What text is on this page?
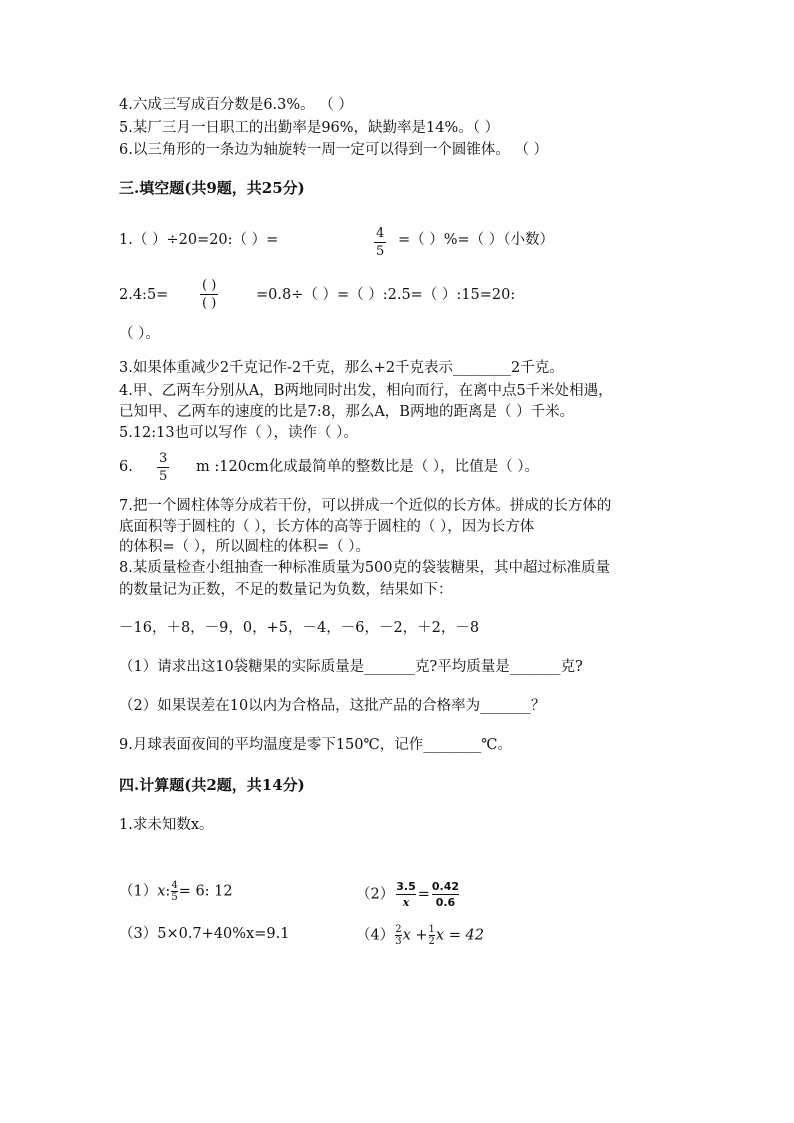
4.六成三写成百分数是6.3%。 （ ）
5.某厂三月一日职工的出勤率是96%，缺勤率是14%。（ ）
6.以三角形的一条边为轴旋转一周一定可以得到一个圆锥体。 （ ）
三.填空题(共9题，共25分)
1.（ ）÷20=20:（ ）=	4
5
=（ ）%=（ ）（小数）
2.4:5=
( )
( )
=0.8÷（ ）=（ ）:2.5=（ ）:15=20:
（ ）。
3.如果体重减少2千克记作-2千克，那么+2千克表示________2千克。
4.甲、乙两车分别从A，B两地同时出发，相向而行，在离中点5千米处相遇，
已知甲、乙两车的速度的比是7:8，那么A，B两地的距离是（ ）千米。
5.12:13也可以写作（ ），读作（ ）。
6.
3
5
m :120cm化成最简单的整数比是（ ），比值是（ ）。
7.把一个圆柱体等分成若干份，可以拼成一个近似的长方体。拼成的长方体的
底面积等于圆柱的（ ），长方体的高等于圆柱的（ ），因为长方体
的体积=（ ），所以圆柱的体积=（ ）。
8.某质量检查小组抽查一种标准质量为500克的袋装糖果，其中超过标准质量
的数量记为正数，不足的数量记为负数，结果如下：
－16，＋8，－9，0，+5，－4，－6，－2，＋2，－8
（1）请求出这10袋糖果的实际质量是_______克?平均质量是_______克?
（2）如果误差在10以内为合格品，这批产品的合格率为_______？
9.月球表面夜间的平均温度是零下150℃，记作________℃。
四.计算题(共2题，共14分)
1.求未知数x。
（1）x: $\frac{4}{5} = 6$: 12	$(2) \frac{3.5}{x} = \frac{0.42}{0.6}$
（3）5×0.7+40%x=9.1	$(4) \frac{2}{3}$ $x + \frac{1}{2}$ x = 42
